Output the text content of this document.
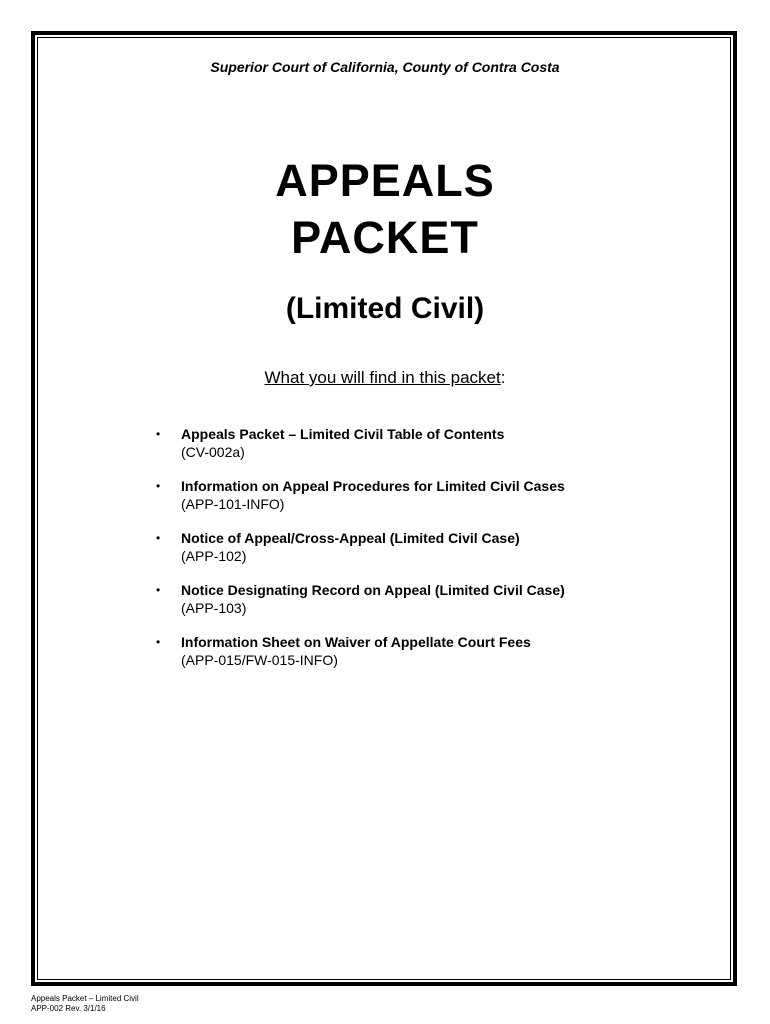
Superior Court of California, County of Contra Costa
APPEALS
PACKET
(Limited Civil)
What you will find in this packet:
• Appeals Packet – Limited Civil Table of Contents
(CV-002a)
• Information on Appeal Procedures for Limited Civil Cases
(APP-101-INFO)
• Notice of Appeal/Cross-Appeal (Limited Civil Case)
(APP-102)
• Notice Designating Record on Appeal (Limited Civil Case)
(APP-103)
• Information Sheet on Waiver of Appellate Court Fees
(APP-015/FW-015-INFO)
Appeals Packet – Limited Civil
APP-002 Rev. 3/1/16
